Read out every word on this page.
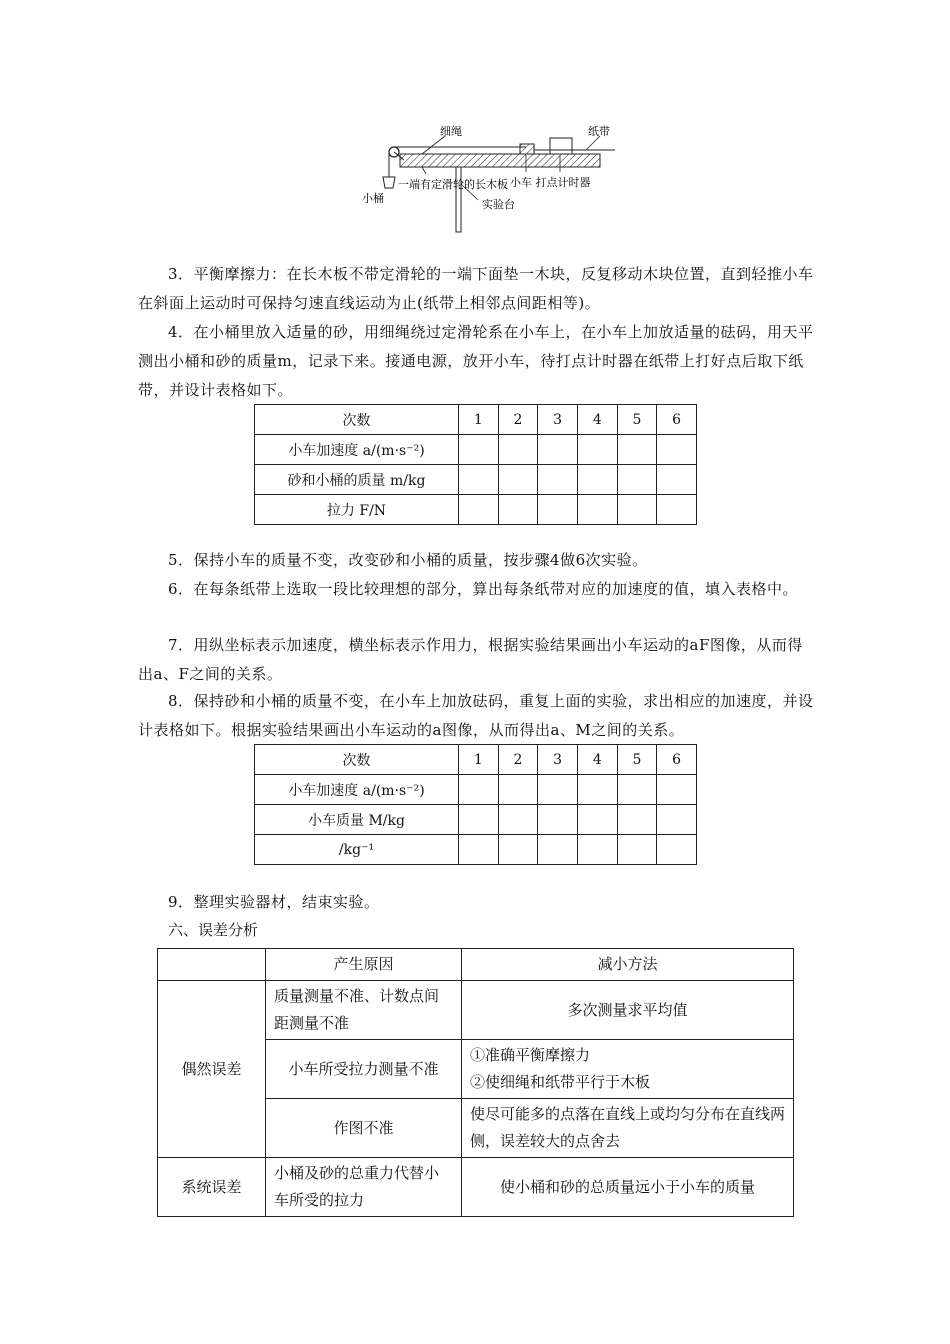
细绳	纸带
小桶
一端有定滑轮的长木板 小车 打点计时器
实验台

3．平衡摩擦力：在长木板不带定滑轮的一端下面垫一木块，反复移动木块位置，直到轻推小车在斜面上运动时可保持匀速直线运动为止(纸带上相邻点间距相等)。

4．在小桶里放入适量的砂，用细绳绕过定滑轮系在小车上，在小车上加放适量的砝码，用天平测出小桶和砂的质量m，记录下来。接通电源，放开小车，待打点计时器在纸带上打好点后取下纸带，并设计表格如下。

次数	1	2	3	4	5	6
小车加速度 a/(m·s⁻²)						
砂和小桶的质量 m/kg						
拉力 F/N						

5．保持小车的质量不变，改变砂和小桶的质量，按步骤4做6次实验。

6．在每条纸带上选取一段比较理想的部分，算出每条纸带对应的加速度的值，填入表格中。

7．用纵坐标表示加速度，横坐标表示作用力，根据实验结果画出小车运动的aF图像，从而得出a、F之间的关系。

8．保持砂和小桶的质量不变，在小车上加放砝码，重复上面的实验，求出相应的加速度，并设计表格如下。根据实验结果画出小车运动的a图像，从而得出a、M之间的关系。

次数	1	2	3	4	5	6
小车加速度 a/(m·s⁻²)						
小车质量 M/kg						
/kg⁻¹						

9．整理实验器材，结束实验。

六、误差分析

	产生原因	减小方法
偶然误差	质量测量不准、计数点间距测量不准	多次测量求平均值
	小车所受拉力测量不准	①准确平衡摩擦力
②使细绳和纸带平行于木板

	作图不准	使尽可能多的点落在直线上或均匀分布在直线两侧，误差较大的点舍去
系统误差	小桶及砂的总重力代替小车所受的拉力	使小桶和砂的总质量远小于小车的质量
